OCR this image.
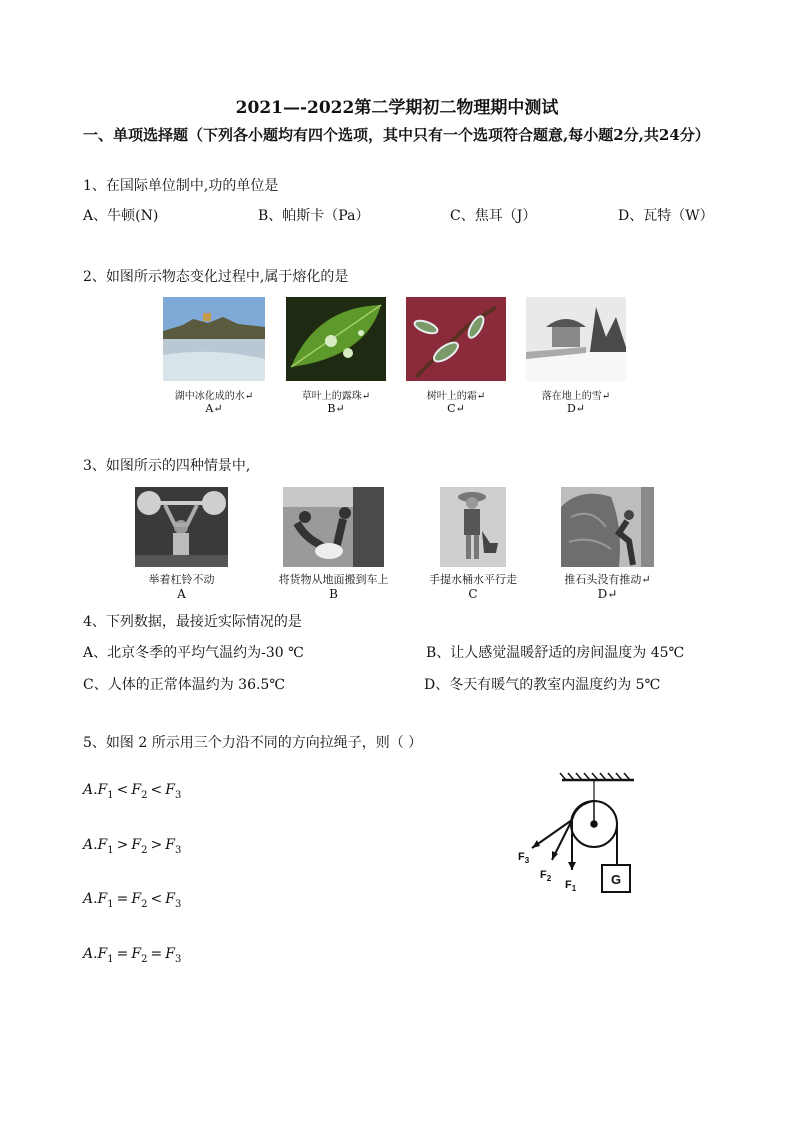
2021—-2022第二学期初二物理期中测试
一、单项选择题（下列各小题均有四个选项，其中只有一个选项符合题意,每小题2分,共24分）
1、在国际单位制中,功的单位是
A、牛顿(N)	B、帕斯卡（Pa）	C、焦耳（J）	D、瓦特（W）
2、如图所示物态变化过程中,属于熔化的是
湖中冰化成的水↵	草叶上的露珠↵	树叶上的霜↵	落在地上的雪↵
A↵	B↵	C↵	D↵
3、如图所示的四种情景中,
举着杠铃不动	将货物从地面搬到车上	手提水桶水平行走	推石头没有推动↵
A	B	C	D↵
4、下列数据，最接近实际情况的是
A、北京冬季的平均气温约为-30 ℃	B、让人感觉温暖舒适的房间温度为 45℃
C、人体的正常体温约为 36.5℃	D、冬天有暖气的教室内温度约为 5℃
5、如图 2 所示用三个力沿不同的方向拉绳子，则（ ）
$A.F_1 < F_2 < F_3$
$A.F_1 > F_2 > F_3$
$A.F_1 = F_2 < F_3$
$A.F_1 = F_2 = F_3$
G
$F_3$
$F_2$
$F_1$
